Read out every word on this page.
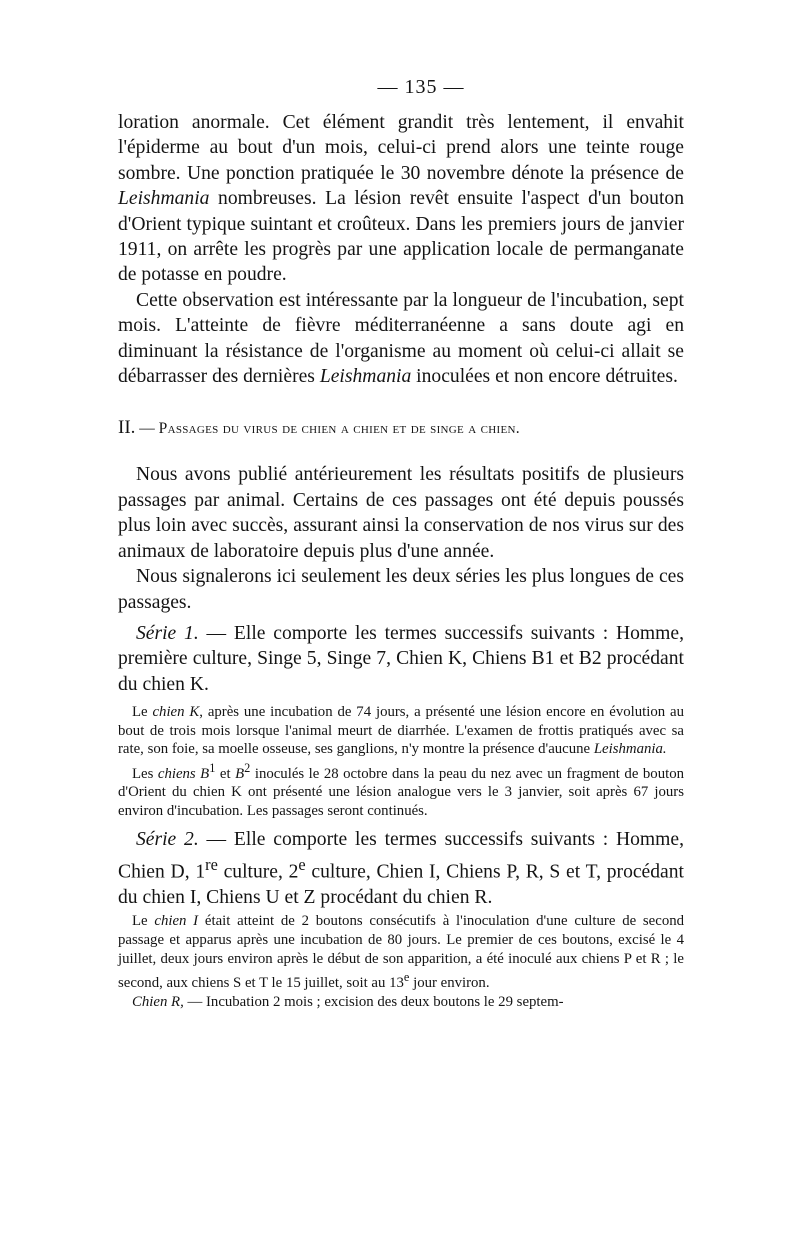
— 135 —

loration anormale. Cet élément grandit très lentement, il envahit l'épiderme au bout d'un mois, celui-ci prend alors une teinte rouge sombre. Une ponction pratiquée le 30 novembre dénote la présence de Leishmania nombreuses. La lésion revêt ensuite l'aspect d'un bouton d'Orient typique suintant et croûteux. Dans les premiers jours de janvier 1911, on arrête les progrès par une application locale de permanganate de potasse en poudre.

Cette observation est intéressante par la longueur de l'incubation, sept mois. L'atteinte de fièvre méditerranéenne a sans doute agi en diminuant la résistance de l'organisme au moment où celui-ci allait se débarrasser des dernières Leishmania inoculées et non encore détruites.

II. — Passages du virus de chien a chien et de singe a chien.

Nous avons publié antérieurement les résultats positifs de plusieurs passages par animal. Certains de ces passages ont été depuis poussés plus loin avec succès, assurant ainsi la conservation de nos virus sur des animaux de laboratoire depuis plus d'une année.

Nous signalerons ici seulement les deux séries les plus longues de ces passages.

Série 1. — Elle comporte les termes successifs suivants : Homme, première culture, Singe 5, Singe 7, Chien K, Chiens B1 et B2 procédant du chien K.

Le chien K, après une incubation de 74 jours, a présenté une lésion encore en évolution au bout de trois mois lorsque l'animal meurt de diarrhée. L'examen de frottis pratiqués avec sa rate, son foie, sa moelle osseuse, ses ganglions, n'y montre la présence d'aucune Leishmania.

Les chiens $B^1$ et $B^2$ inoculés le 28 octobre dans la peau du nez avec un fragment de bouton d'Orient du chien K ont présenté une lésion analogue vers le 3 janvier, soit après 67 jours environ d'incubation. Les passages seront continués.

Série 2. — Elle comporte les termes successifs suivants : Homme, Chien D, 1re culture, 2e culture, Chien I, Chiens P, R, S et T, procédant du chien I, Chiens U et Z procédant du chien R.

Le chien I était atteint de 2 boutons consécutifs à l'inoculation d'une culture de second passage et apparus après une incubation de 80 jours. Le premier de ces boutons, excisé le 4 juillet, deux jours environ après le début de son apparition, a été inoculé aux chiens P et R ; le second, aux chiens S et T le 15 juillet, soit au 13e jour environ.

Chien R, — Incubation 2 mois ; excision des deux boutons le 29 septem-
